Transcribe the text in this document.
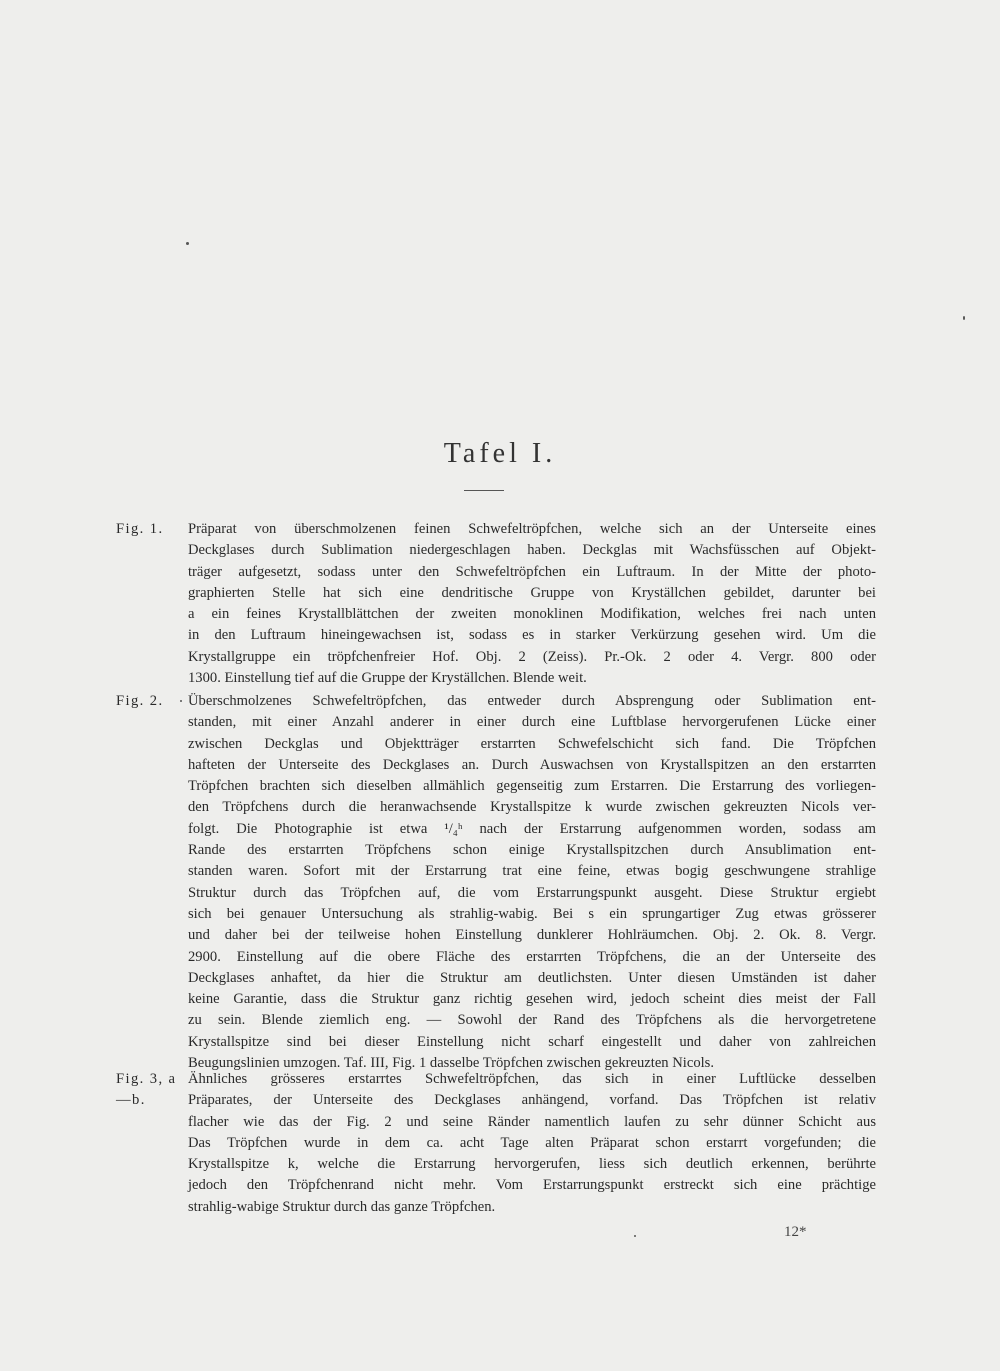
Tafel I.
Fig. 1.	Präparat von überschmolzenen feinen Schwefeltröpfchen, welche sich an der Unterseite eines
Deckglases durch Sublimation niedergeschlagen haben. Deckglas mit Wachsfüsschen auf Objekt-
träger aufgesetzt, sodass unter den Schwefeltröpfchen ein Luftraum. In der Mitte der photo-
graphierten Stelle hat sich eine dendritische Gruppe von Kryställchen gebildet, darunter bei
a ein feines Krystallblättchen der zweiten monoklinen Modifikation, welches frei nach unten
in den Luftraum hineingewachsen ist, sodass es in starker Verkürzung gesehen wird. Um die
Krystallgruppe ein tröpfchenfreier Hof. Obj. 2 (Zeiss). Pr.-Ok. 2 oder 4. Vergr. 800 oder
1300. Einstellung tief auf die Gruppe der Kryställchen. Blende weit.
Fig. 2.	Überschmolzenes Schwefeltröpfchen, das entweder durch Absprengung oder Sublimation ent-
standen, mit einer Anzahl anderer in einer durch eine Luftblase hervorgerufenen Lücke einer
zwischen Deckglas und Objektträger erstarrten Schwefelschicht sich fand. Die Tröpfchen
hafteten der Unterseite des Deckglases an. Durch Auswachsen von Krystallspitzen an den erstarrten
Tröpfchen brachten sich dieselben allmählich gegenseitig zum Erstarren. Die Erstarrung des vorliegen-
den Tröpfchens durch die heranwachsende Krystallspitze k wurde zwischen gekreuzten Nicols ver-
folgt. Die Photographie ist etwa ¹/₄ʰ nach der Erstarrung aufgenommen worden, sodass am
Rande des erstarrten Tröpfchens schon einige Krystallspitzchen durch Ansublimation ent-
standen waren. Sofort mit der Erstarrung trat eine feine, etwas bogig geschwungene strahlige
Struktur durch das Tröpfchen auf, die vom Erstarrungspunkt ausgeht. Diese Struktur ergiebt
sich bei genauer Untersuchung als strahlig-wabig. Bei s ein sprungartiger Zug etwas grösserer
und daher bei der teilweise hohen Einstellung dunklerer Hohlräumchen. Obj. 2. Ok. 8. Vergr.
2900. Einstellung auf die obere Fläche des erstarrten Tröpfchens, die an der Unterseite des
Deckglases anhaftet, da hier die Struktur am deutlichsten. Unter diesen Umständen ist daher
keine Garantie, dass die Struktur ganz richtig gesehen wird, jedoch scheint dies meist der Fall
zu sein. Blende ziemlich eng. — Sowohl der Rand des Tröpfchens als die hervorgetretene
Krystallspitze sind bei dieser Einstellung nicht scharf eingestellt und daher von zahlreichen
Beugungslinien umzogen. Taf. III, Fig. 1 dasselbe Tröpfchen zwischen gekreuzten Nicols.
Fig. 3, a—b.
Ähnliches grösseres erstarrtes Schwefeltröpfchen, das sich in einer Luftlücke desselben
Präparates, der Unterseite des Deckglases anhängend, vorfand. Das Tröpfchen ist relativ
flacher wie das der Fig. 2 und seine Ränder namentlich laufen zu sehr dünner Schicht aus
Das Tröpfchen wurde in dem ca. acht Tage alten Präparat schon erstarrt vorgefunden; die
Krystallspitze k, welche die Erstarrung hervorgerufen, liess sich deutlich erkennen, berührte
jedoch den Tröpfchenrand nicht mehr. Vom Erstarrungspunkt erstreckt sich eine prächtige
strahlig-wabige Struktur durch das ganze Tröpfchen.
12*
